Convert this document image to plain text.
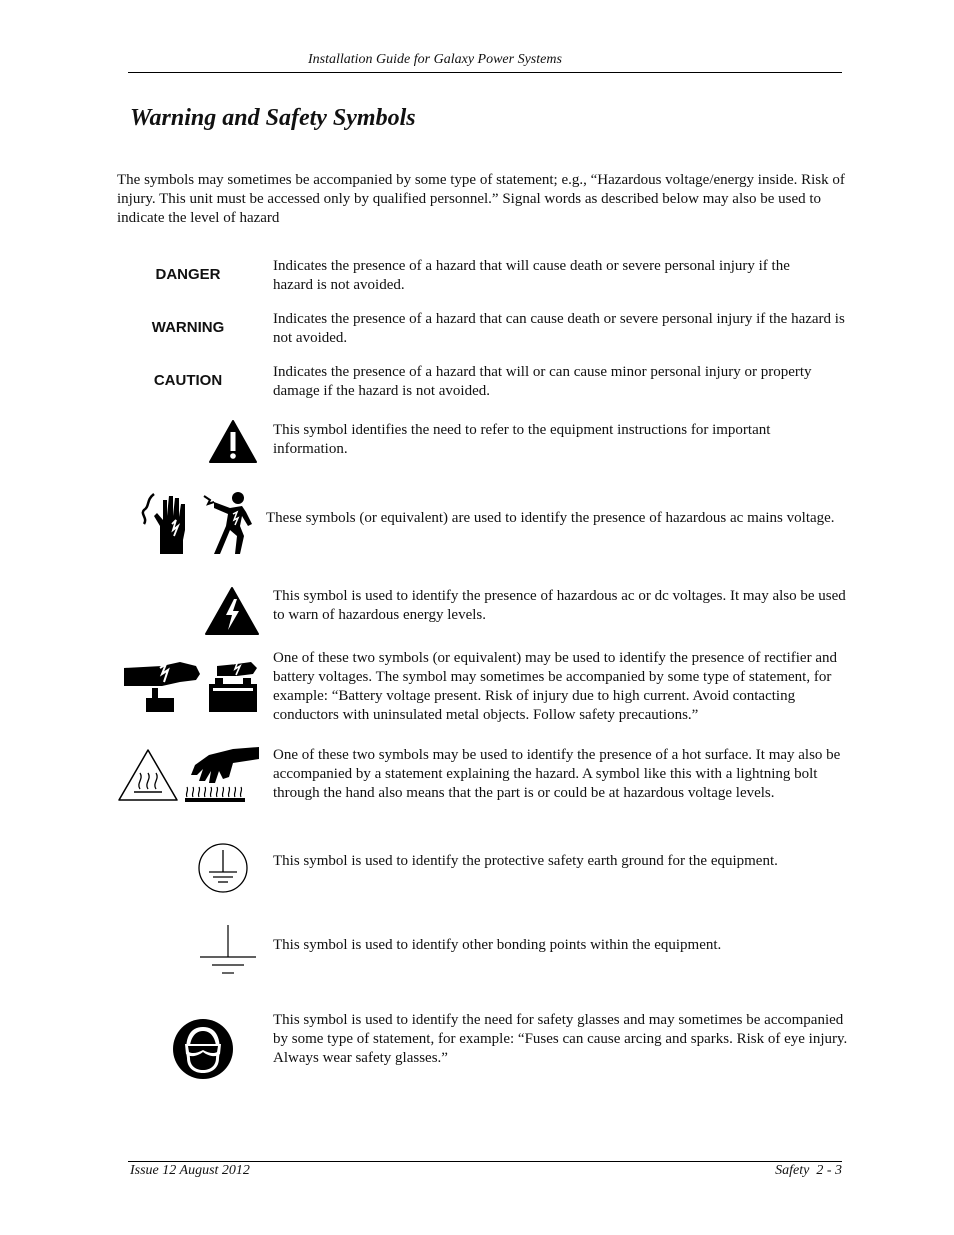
Installation Guide for Galaxy Power Systems
Warning and Safety Symbols
The symbols may sometimes be accompanied by some type of statement; e.g., “Hazardous voltage/energy inside. Risk of injury. This unit must be accessed only by qualified personnel.” Signal words as described below may also be used to indicate the level of hazard
DANGER	Indicates the presence of a hazard that will cause death or severe personal injury if the hazard is not avoided.
WARNING	Indicates the presence of a hazard that can cause death or severe personal injury if the hazard is not avoided.
CAUTION	Indicates the presence of a hazard that will or can cause minor personal injury or property damage if the hazard is not avoided.
This symbol identifies the need to refer to the equipment instructions for important information.
These symbols (or equivalent) are used to identify the presence of hazardous ac mains voltage.
This symbol is used to identify the presence of hazardous ac or dc voltages. It may also be used to warn of hazardous energy levels.
One of these two symbols (or equivalent) may be used to identify the presence of rectifier and battery voltages. The symbol may sometimes be accompanied by some type of statement, for example: “Battery voltage present. Risk of injury due to high current. Avoid contacting conductors with uninsulated metal objects. Follow safety precautions.”
One of these two symbols may be used to identify the presence of a hot surface. It may also be accompanied by a statement explaining the hazard. A symbol like this with a lightning bolt through the hand also means that the part is or could be at hazardous voltage levels.
This symbol is used to identify the protective safety earth ground for the equipment.
This symbol is used to identify other bonding points within the equipment.
This symbol is used to identify the need for safety glasses and may sometimes be accompanied by some type of statement, for example: “Fuses can cause arcing and sparks. Risk of eye injury. Always wear safety glasses.”
Issue 12 August 2012	Safety  2 - 3
